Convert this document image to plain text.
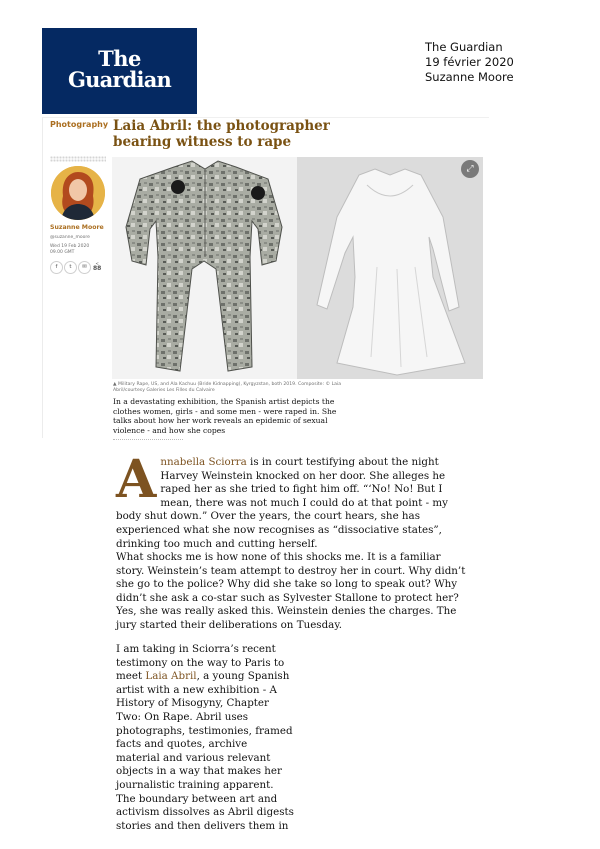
The
Guardian
The Guardian
19 février 2020
Suzanne Moore
Photography Laia Abril: the photographer bearing witness to rape
Suzanne Moore
@suzanne_moore
Wed 19 Feb 2020
09.00 GMT
f	t	✉
<
88
⤢
▲ Military Rape, US, and Ala Kachuu (Bride Kidnapping), Kyrgyzstan, both 2019. Composite: © Laia Abril/courtesy Galeries Les Filles du Calvaire
In a devastating exhibition, the Spanish artist depicts the clothes women, girls - and some men - were raped in. She talks about how her work reveals an epidemic of sexual violence - and how she copes
Annabella Sciorra is in court testifying about the night Harvey Weinstein knocked on her door. She alleges he raped her as she tried to fight him off. “‘No! No! But I mean, there was not much I could do at that point - my body shut down.” Over the years, the court hears, she has experienced what she now recognises as “dissociative states”, drinking too much and cutting herself.
What shocks me is how none of this shocks me. It is a familiar story. Weinstein’s team attempt to destroy her in court. Why didn’t she go to the police? Why did she take so long to speak out? Why didn’t she ask a co-star such as Sylvester Stallone to protect her? Yes, she was really asked this. Weinstein denies the charges. The jury started their deliberations on Tuesday.
I am taking in Sciorra’s recent testimony on the way to Paris to meet Laia Abril, a young Spanish artist with a new exhibition - A History of Misogyny, Chapter Two: On Rape. Abril uses photographs, testimonies, framed facts and quotes, archive material and various relevant objects in a way that makes her journalistic training apparent. The boundary between art and activism dissolves as Abril digests stories and then delivers them in
